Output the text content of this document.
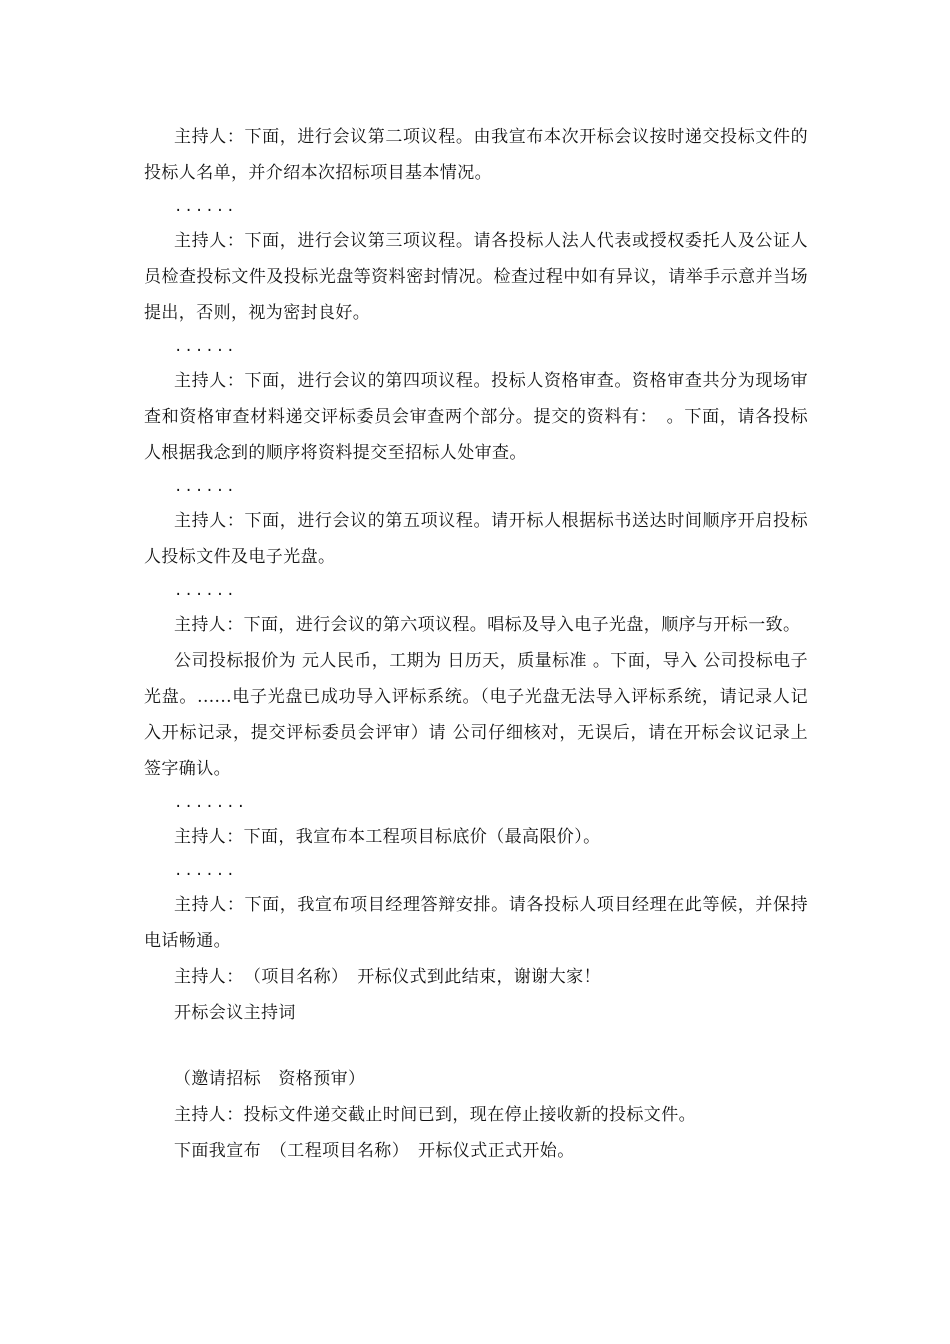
主持人：下面，进行会议第二项议程。由我宣布本次开标会议按时递交投标文件的投标人名单，并介绍本次招标项目基本情况。

......

主持人：下面，进行会议第三项议程。请各投标人法人代表或授权委托人及公证人员检查投标文件及投标光盘等资料密封情况。检查过程中如有异议，请举手示意并当场提出，否则，视为密封良好。

......

主持人：下面，进行会议的第四项议程。投标人资格审查。资格审查共分为现场审查和资格审查材料递交评标委员会审查两个部分。提交的资料有：　。下面，请各投标人根据我念到的顺序将资料提交至招标人处审查。

......

主持人：下面，进行会议的第五项议程。请开标人根据标书送达时间顺序开启投标人投标文件及电子光盘。

......

主持人：下面，进行会议的第六项议程。唱标及导入电子光盘，顺序与开标一致。

公司投标报价为 元人民币，工期为 日历天，质量标准 。下面，导入 公司投标电子光盘。......电子光盘已成功导入评标系统。（电子光盘无法导入评标系统，请记录人记入开标记录，提交评标委员会评审）请 公司仔细核对，无误后，请在开标会议记录上签字确认。

.......

主持人：下面，我宣布本工程项目标底价（最高限价）。

......

主持人：下面，我宣布项目经理答辩安排。请各投标人项目经理在此等候，并保持电话畅通。

主持人：　（项目名称）　开标仪式到此结束，谢谢大家！

开标会议主持词

（邀请招标　资格预审）

主持人：投标文件递交截止时间已到，现在停止接收新的投标文件。

下面我宣布　（工程项目名称）　开标仪式正式开始。
